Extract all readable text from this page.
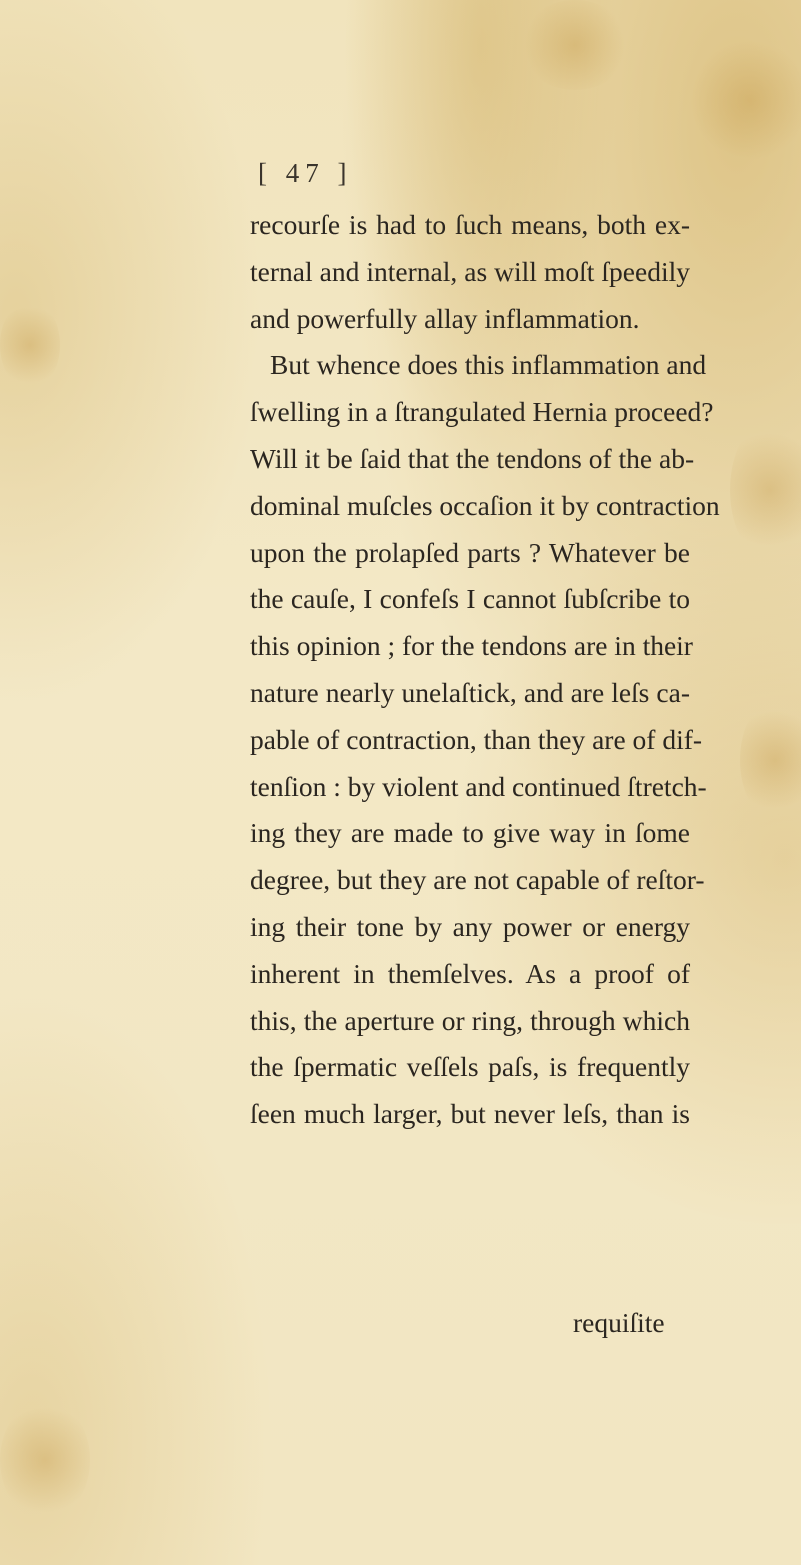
[ 47 ]
recourſe is had to ſuch means, both ex-
ternal and internal, as will moſt ſpeedily
and powerfully allay inflammation.
But whence does this inflammation and
ſwelling in a ſtrangulated Hernia proceed?
Will it be ſaid that the tendons of the ab-
dominal muſcles occaſion it by contraction
upon the prolapſed parts ? Whatever be
the cauſe, I confeſs I cannot ſubſcribe to
this opinion ; for the tendons are in their
nature nearly unelaſtick, and are leſs ca-
pable of contraction, than they are of dif-
tenſion : by violent and continued ſtretch-
ing they are made to give way in ſome
degree, but they are not capable of reſtor-
ing their tone by any power or energy
inherent in themſelves. As a proof of
this, the aperture or ring, through which
the ſpermatic veſſels paſs, is frequently
ſeen much larger, but never leſs, than is
requiſite
